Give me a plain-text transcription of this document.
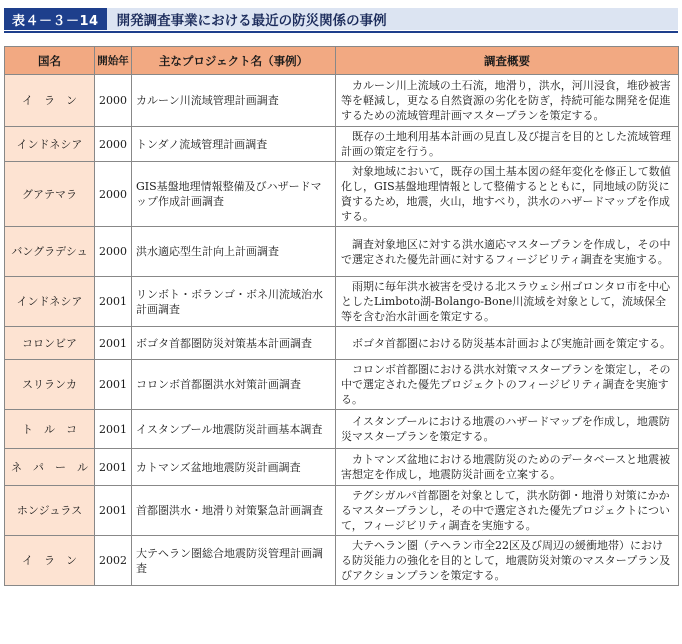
表４－３－14	開発調査事業における最近の防災関係の事例
国名	開始年	主なプロジェクト名（事例）	調査概要
イ　ラ　ン	2000	カルーン川流域管理計画調査	カルーン川上流域の土石流，地滑り，洪水，河川浸食，堆砂被害等を軽減し，更なる自然資源の劣化を防ぎ，持続可能な開発を促進するための流域管理計画マスタープランを策定する。
インドネシア	2000	トンダノ流域管理計画調査	既存の土地利用基本計画の見直し及び提言を目的とした流域管理計画の策定を行う。
グアテマラ	2000	GIS基盤地理情報整備及びハザードマップ作成計画調査	対象地域において，既存の国土基本図の経年変化を修正して数値化し，GIS基盤地理情報として整備するとともに，同地域の防災に資するため，地震，火山，地すべり，洪水のハザードマップを作成する。
バングラデシュ	2000	洪水適応型生計向上計画調査	調査対象地区に対する洪水適応マスタープランを作成し，その中で選定された優先計画に対するフィージビリティ調査を実施する。
インドネシア	2001	リンボト・ボランゴ・ボネ川流域治水計画調査	雨期に毎年洪水被害を受ける北スラウェシ州ゴロンタロ市を中心としたLimboto湖-Bolango-Bone川流域を対象として，流域保全等を含む治水計画を策定する。
コロンビア	2001	ボゴタ首都圏防災対策基本計画調査	ボゴタ首都圏における防災基本計画および実施計画を策定する。
スリランカ	2001	コロンボ首都圏洪水対策計画調査	コロンボ首都圏における洪水対策マスタープランを策定し，その中で選定された優先プロジェクトのフィージビリティ調査を実施する。
ト　ル　コ	2001	イスタンブール地震防災計画基本調査	イスタンブールにおける地震のハザードマップを作成し，地震防災マスタープランを策定する。
ネ　パ　ー　ル	2001	カトマンズ盆地地震防災計画調査	カトマンズ盆地における地震防災のためのデータベースと地震被害想定を作成し，地震防災計画を立案する。
ホンジュラス	2001	首都圏洪水・地滑り対策緊急計画調査	テグシガルパ首都圏を対象として，洪水防御・地滑り対策にかかるマスタープランし，その中で選定された優先プロジェクトについて，フィージビリティ調査を実施する。
イ　ラ　ン	2002	大テヘラン圏総合地震防災管理計画調査	大テヘラン圏（テヘラン市全22区及び周辺の緩衝地帯）における防災能力の強化を目的として，地震防災対策のマスタープラン及びアクションプランを策定する。
